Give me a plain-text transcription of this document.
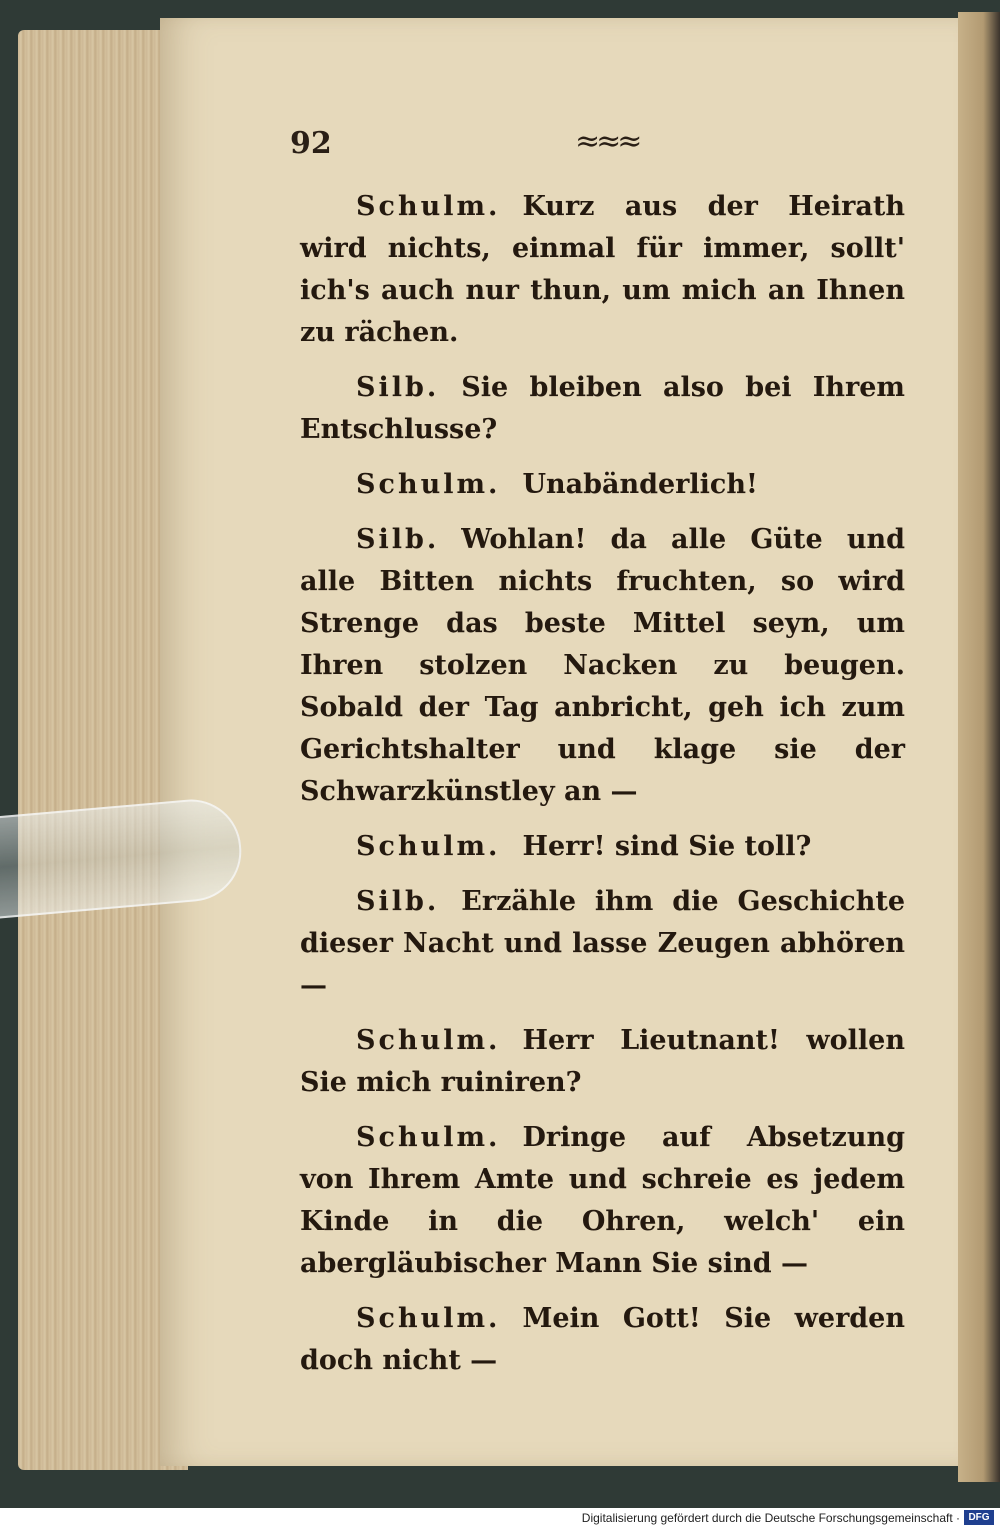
92	≈≈≈

Schulm. Kurz aus der Heirath wird nichts, einmal für immer, sollt' ich's auch nur thun, um mich an Ihnen zu rächen.

Silb. Sie bleiben also bei Ihrem Entschlusse?

Schulm. Unabänderlich!

Silb. Wohlan! da alle Güte und alle Bitten nichts fruchten, so wird Strenge das beste Mittel seyn, um Ihren stolzen Nacken zu beugen. Sobald der Tag anbricht, geh ich zum Gerichtshalter und klage sie der Schwarzkünstley an —

Schulm. Herr! sind Sie toll?

Silb. Erzähle ihm die Geschichte dieser Nacht und lasse Zeugen abhören —

Schulm. Herr Lieutnant! wollen Sie mich ruiniren?

Schulm. Dringe auf Absetzung von Ihrem Amte und schreie es jedem Kinde in die Ohren, welch' ein abergläubischer Mann Sie sind —

Schulm. Mein Gott! Sie werden doch nicht —

Digitalisierung gefördert durch die Deutsche Forschungsgemeinschaft · DFG
